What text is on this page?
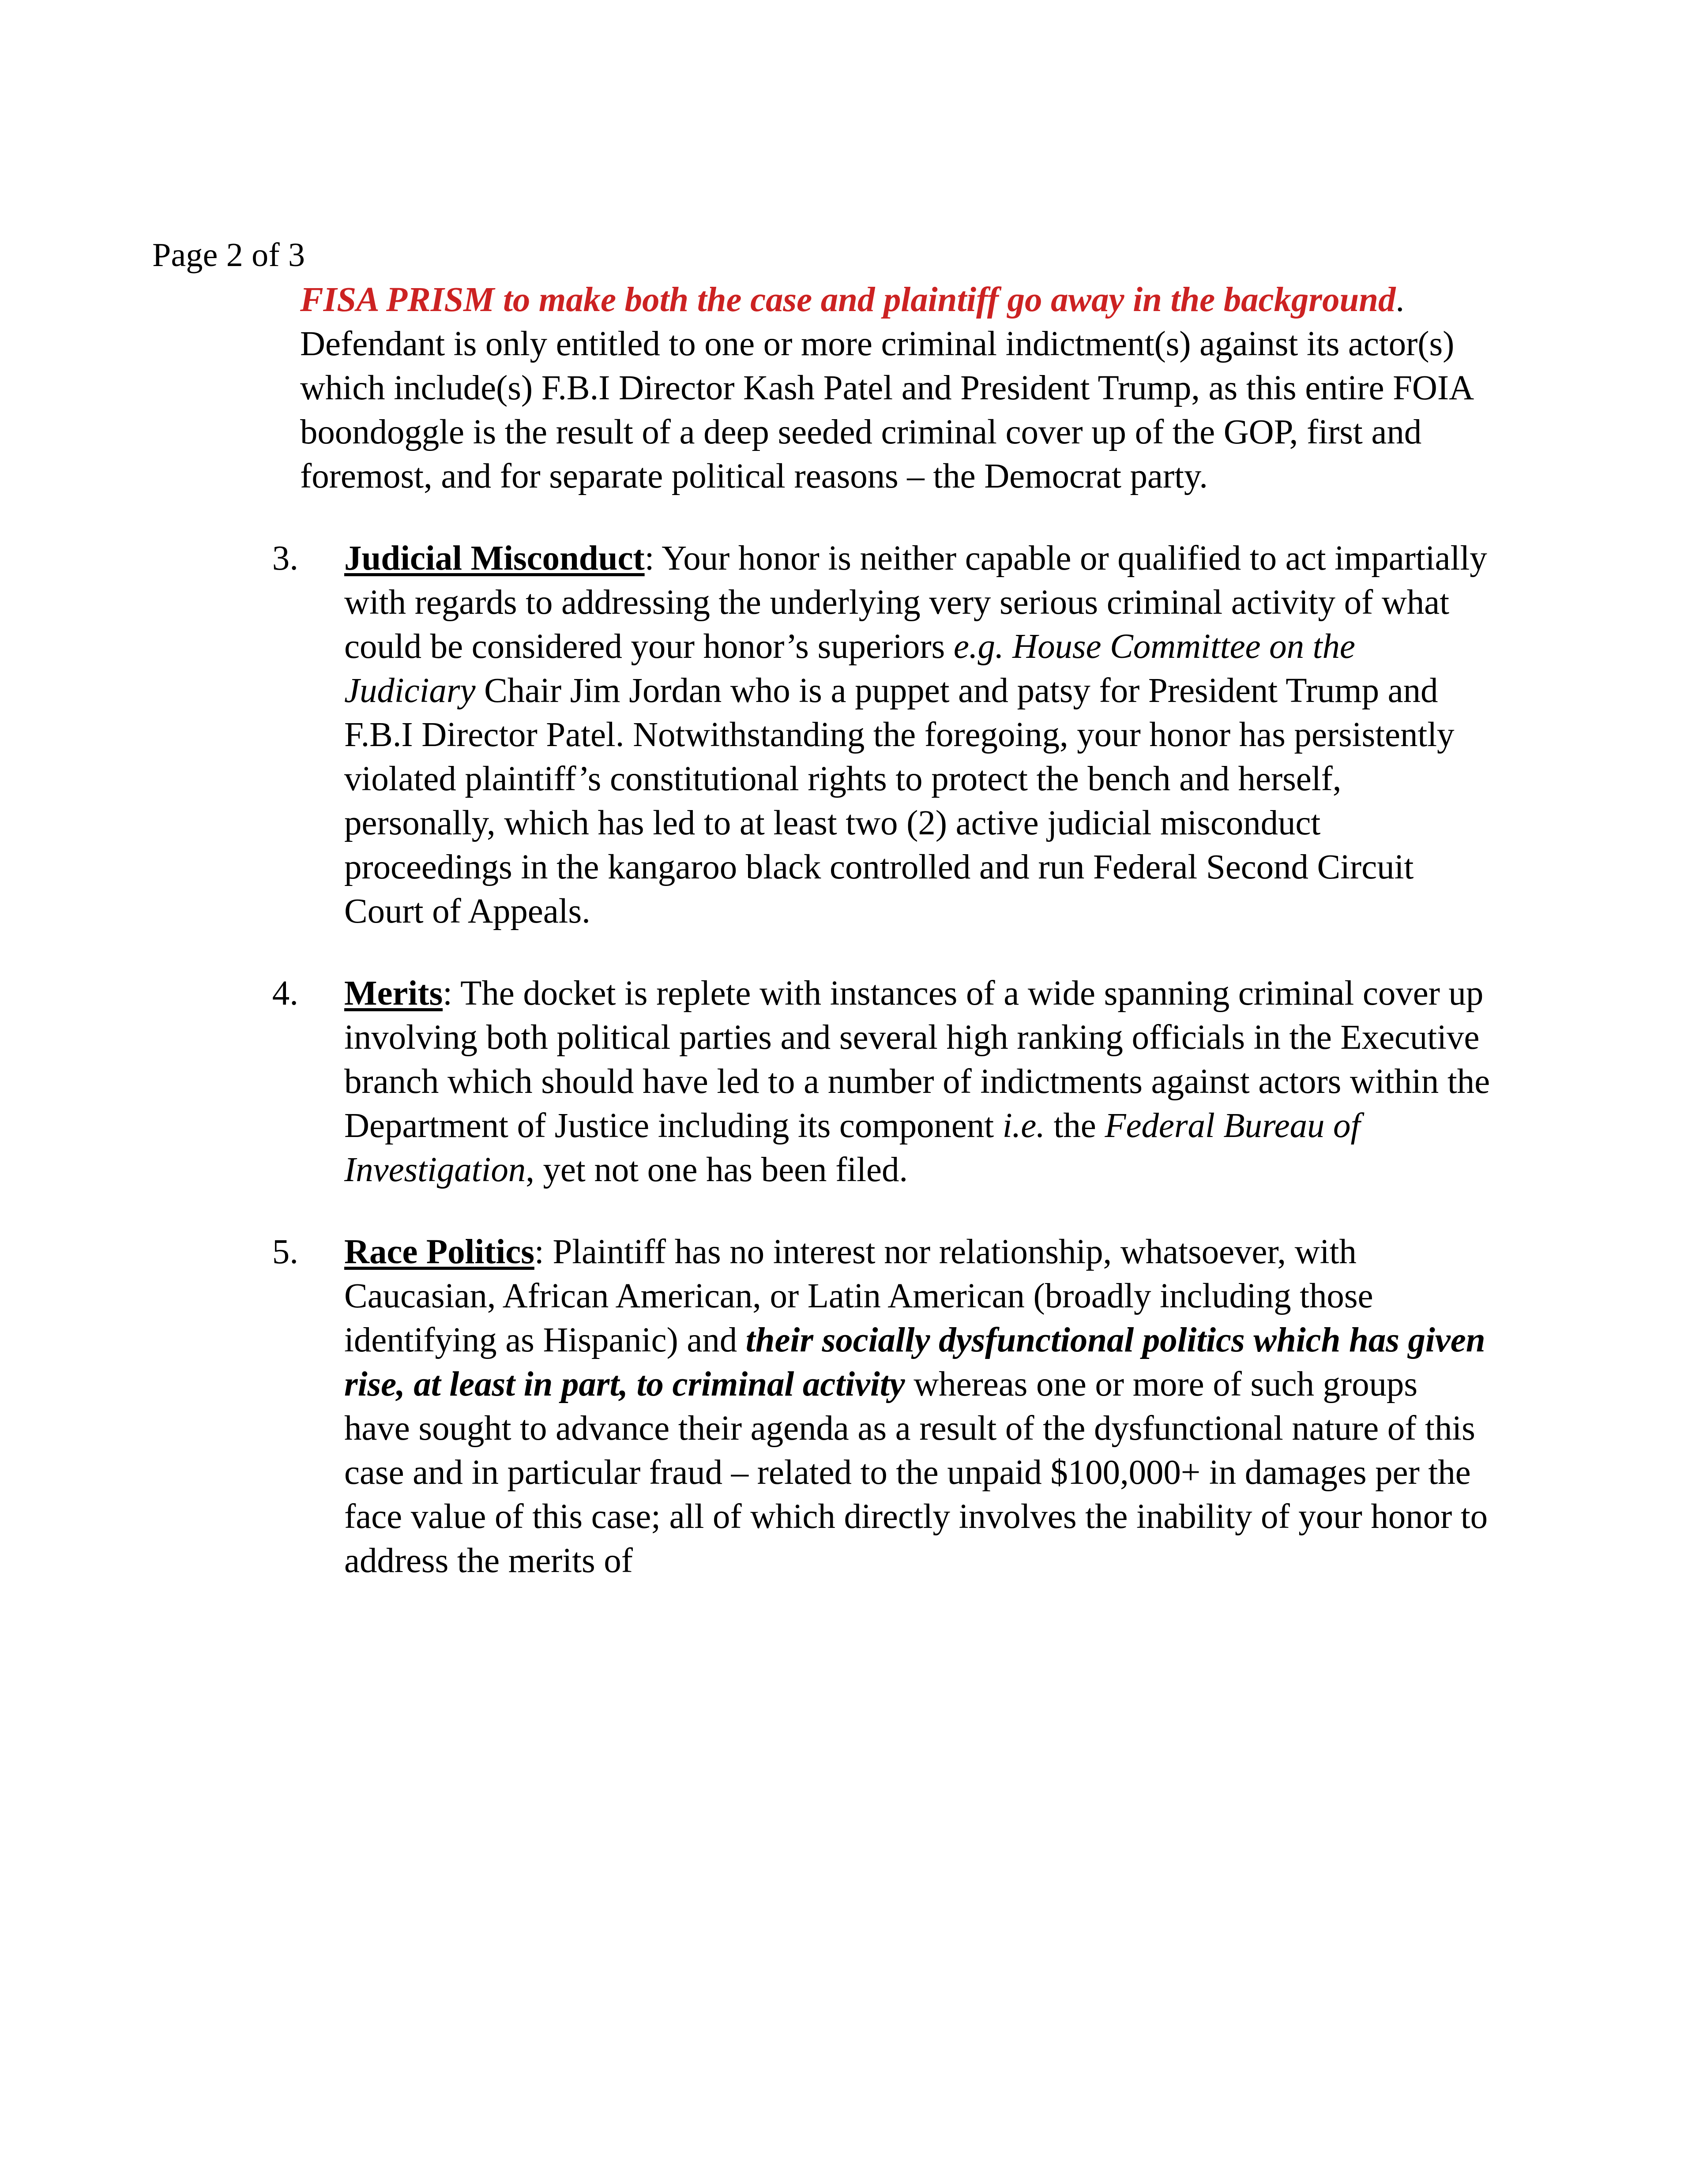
Page 2 of 3

FISA PRISM to make both the case and plaintiff go away in the background. Defendant is only entitled to one or more criminal indictment(s) against its actor(s) which include(s) F.B.I Director Kash Patel and President Trump, as this entire FOIA boondoggle is the result of a deep seeded criminal cover up of the GOP, first and foremost, and for separate political reasons – the Democrat party.

3. Judicial Misconduct: Your honor is neither capable or qualified to act impartially with regards to addressing the underlying very serious criminal activity of what could be considered your honor’s superiors e.g. House Committee on the Judiciary Chair Jim Jordan who is a puppet and patsy for President Trump and F.B.I Director Patel. Notwithstanding the foregoing, your honor has persistently violated plaintiff’s constitutional rights to protect the bench and herself, personally, which has led to at least two (2) active judicial misconduct proceedings in the kangaroo black controlled and run Federal Second Circuit Court of Appeals.

4. Merits: The docket is replete with instances of a wide spanning criminal cover up involving both political parties and several high ranking officials in the Executive branch which should have led to a number of indictments against actors within the Department of Justice including its component i.e. the Federal Bureau of Investigation, yet not one has been filed.

5. Race Politics: Plaintiff has no interest nor relationship, whatsoever, with Caucasian, African American, or Latin American (broadly including those identifying as Hispanic) and their socially dysfunctional politics which has given rise, at least in part, to criminal activity whereas one or more of such groups have sought to advance their agenda as a result of the dysfunctional nature of this case and in particular fraud – related to the unpaid $100,000+ in damages per the face value of this case; all of which directly involves the inability of your honor to address the merits of
